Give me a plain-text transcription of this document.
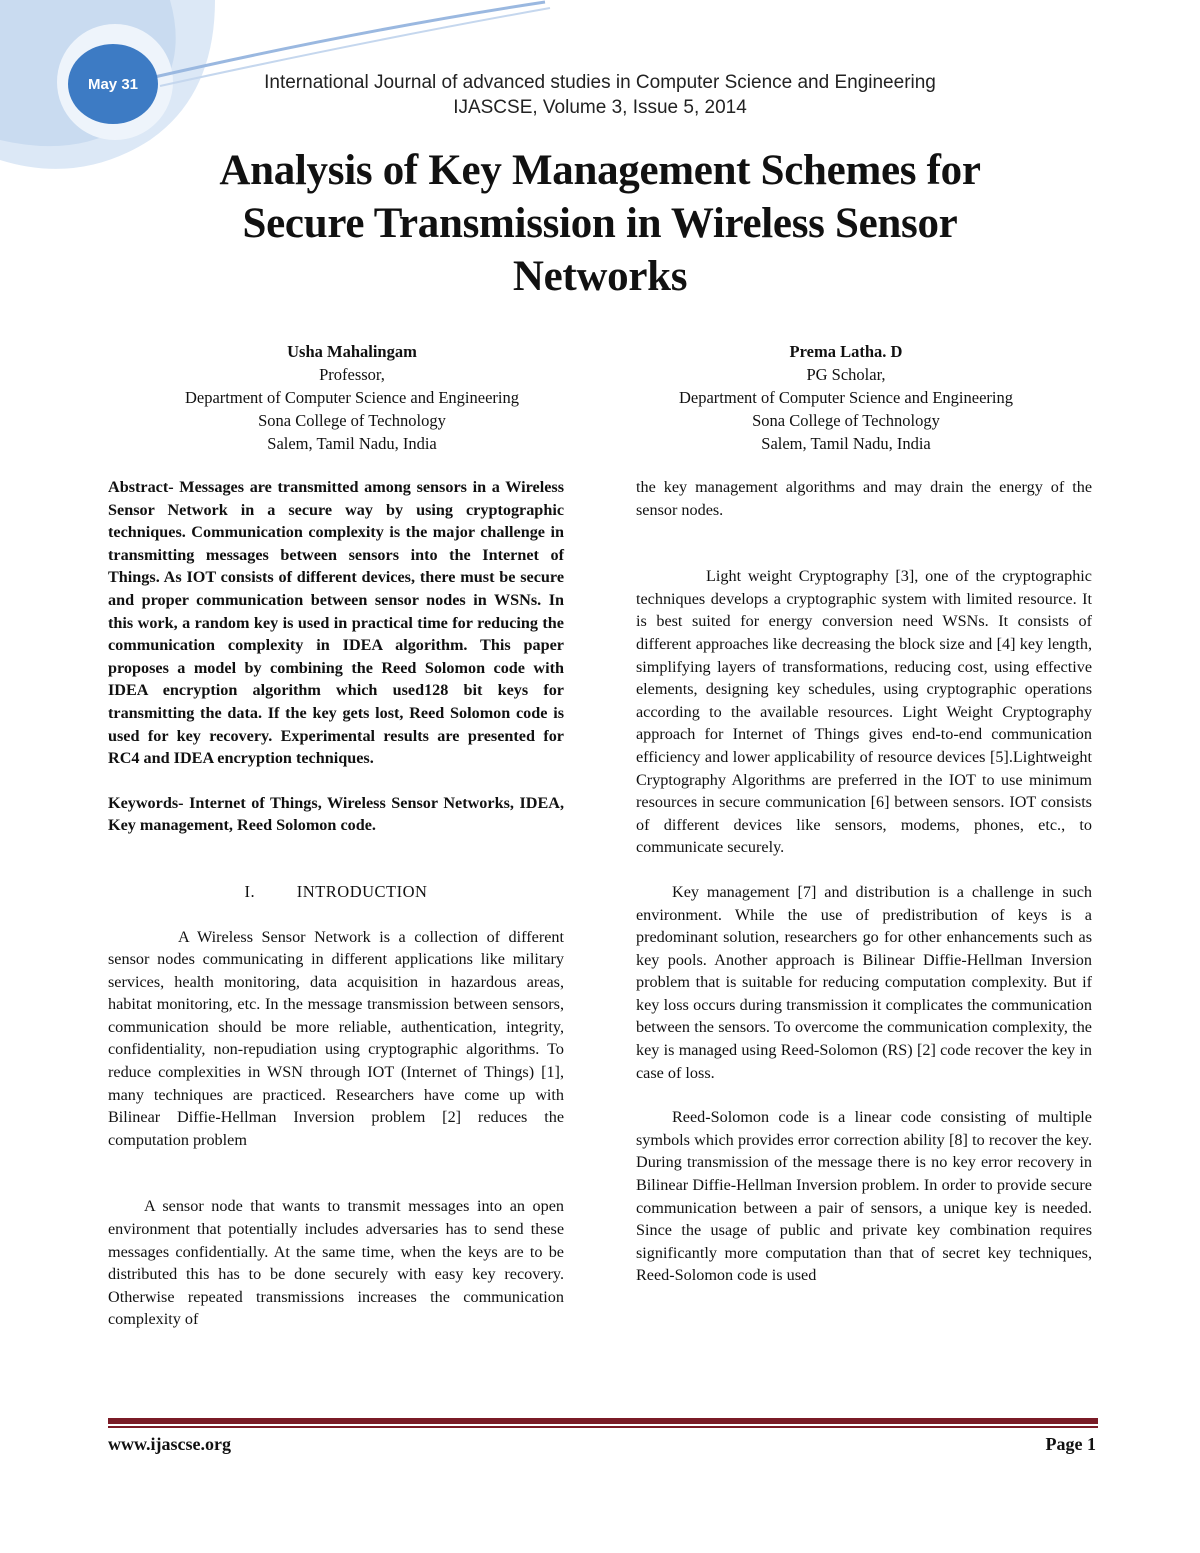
May 31	International Journal of advanced studies in Computer Science and Engineering
IJASCSE, Volume 3, Issue 5, 2014
Analysis of Key Management Schemes for
Secure Transmission in Wireless Sensor
Networks
Usha Mahalingam
Professor,
Department of Computer Science and Engineering
Sona College of Technology
Salem, Tamil Nadu, India
Prema Latha. D
PG Scholar,
Department of Computer Science and Engineering
Sona College of Technology
Salem, Tamil Nadu, India

Abstract- Messages are transmitted among sensors in a Wireless Sensor Network in a secure way by using cryptographic techniques. Communication complexity is the major challenge in transmitting messages between sensors into the Internet of Things. As IOT consists of different devices, there must be secure and proper communication between sensor nodes in WSNs. In this work, a random key is used in practical time for reducing the communication complexity in IDEA algorithm. This paper proposes a model by combining the Reed Solomon code with IDEA encryption algorithm which used128 bit keys for transmitting the data. If the key gets lost, Reed Solomon code is used for key recovery. Experimental results are presented for RC4 and IDEA encryption techniques.

Keywords- Internet of Things, Wireless Sensor Networks, IDEA, Key management, Reed Solomon code.

I.	INTRODUCTION

A Wireless Sensor Network is a collection of different sensor nodes communicating in different applications like military services, health monitoring, data acquisition in hazardous areas, habitat monitoring, etc. In the message transmission between sensors, communication should be more reliable, authentication, integrity, confidentiality, non-repudiation using cryptographic algorithms. To reduce complexities in WSN through IOT (Internet of Things) [1], many techniques are practiced. Researchers have come up with Bilinear Diffie-Hellman Inversion problem [2] reduces the computation problem

A sensor node that wants to transmit messages into an open environment that potentially includes adversaries has to send these messages confidentially. At the same time, when the keys are to be distributed this has to be done securely with easy key recovery. Otherwise repeated transmissions increases the communication complexity of

the key management algorithms and may drain the energy of the sensor nodes.

Light weight Cryptography [3], one of the cryptographic techniques develops a cryptographic system with limited resource. It is best suited for energy conversion need WSNs. It consists of different approaches like decreasing the block size and [4] key length, simplifying layers of transformations, reducing cost, using effective elements, designing key schedules, using cryptographic operations according to the available resources. Light Weight Cryptography approach for Internet of Things gives end-to-end communication efficiency and lower applicability of resource devices [5].Lightweight Cryptography Algorithms are preferred in the IOT to use minimum resources in secure communication [6] between sensors. IOT consists of different devices like sensors, modems, phones, etc., to communicate securely.

Key management [7] and distribution is a challenge in such environment. While the use of predistribution of keys is a predominant solution, researchers go for other enhancements such as key pools. Another approach is Bilinear Diffie-Hellman Inversion problem that is suitable for reducing computation complexity. But if key loss occurs during transmission it complicates the communication between the sensors. To overcome the communication complexity, the key is managed using Reed-Solomon (RS) [2] code recover the key in case of loss.

Reed-Solomon code is a linear code consisting of multiple symbols which provides error correction ability [8] to recover the key. During transmission of the message there is no key error recovery in Bilinear Diffie-Hellman Inversion problem. In order to provide secure communication between a pair of sensors, a unique key is needed. Since the usage of public and private key combination requires significantly more computation than that of secret key techniques, Reed-Solomon code is used

www.ijascse.org	Page 1
